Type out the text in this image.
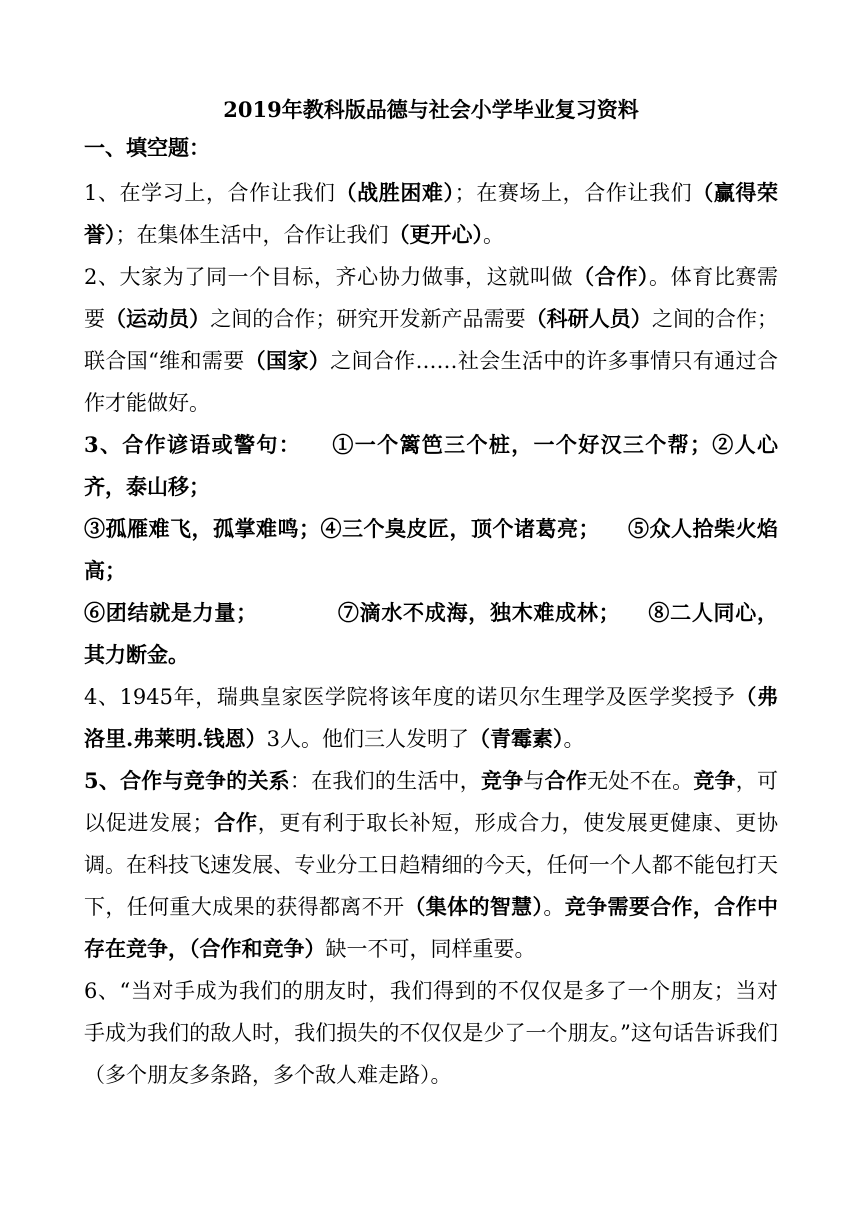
2019年教科版品德与社会小学毕业复习资料
一、填空题：

1、在学习上，合作让我们（战胜困难）；在赛场上，合作让我们（赢得荣誉）；在集体生活中，合作让我们（更开心）。

2、大家为了同一个目标，齐心协力做事，这就叫做（合作）。体育比赛需要（运动员）之间的合作；研究开发新产品需要（科研人员）之间的合作；联合国“维和需要（国家）之间合作……社会生活中的许多事情只有通过合作才能做好。

3、合作谚语或警句： ①一个篱笆三个桩，一个好汉三个帮；②人心齐，泰山移；

③孤雁难飞，孤掌难鸣；④三个臭皮匠，顶个诸葛亮； ⑤众人拾柴火焰高；

⑥团结就是力量；	⑦滴水不成海，独木难成林； ⑧二人同心，其力断金。

4、1945年，瑞典皇家医学院将该年度的诺贝尔生理学及医学奖授予（弗洛里.弗莱明.钱恩）3人。他们三人发明了（青霉素）。

5、合作与竞争的关系：在我们的生活中，竞争与合作无处不在。竞争，可以促进发展；合作，更有利于取长补短，形成合力，使发展更健康、更协调。在科技飞速发展、专业分工日趋精细的今天，任何一个人都不能包打天下，任何重大成果的获得都离不开（集体的智慧）。竞争需要合作，合作中存在竞争，（合作和竞争）缺一不可，同样重要。

6、“当对手成为我们的朋友时，我们得到的不仅仅是多了一个朋友；当对手成为我们的敌人时，我们损失的不仅仅是少了一个朋友。”这句话告诉我们（多个朋友多条路，多个敌人难走路）。
